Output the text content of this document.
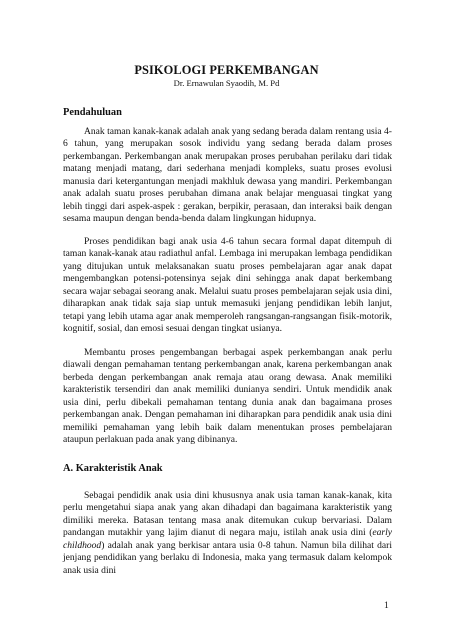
PSIKOLOGI PERKEMBANGAN
Dr. Ernawulan Syaodih, M. Pd
Pendahuluan

Anak taman kanak-kanak adalah anak yang sedang berada dalam rentang usia 4-6 tahun, yang merupakan sosok individu yang sedang berada dalam proses perkembangan. Perkembangan anak merupakan proses perubahan perilaku dari tidak matang menjadi matang, dari sederhana menjadi kompleks, suatu proses evolusi manusia dari ketergantungan menjadi makhluk dewasa yang mandiri. Perkembangan anak adalah suatu proses perubahan dimana anak belajar menguasai tingkat yang lebih tinggi dari aspek-aspek : gerakan, berpikir, perasaan, dan interaksi baik dengan sesama maupun dengan benda-benda dalam lingkungan hidupnya.

Proses pendidikan bagi anak usia 4-6 tahun secara formal dapat ditempuh di taman kanak-kanak atau radiathul anfal. Lembaga ini merupakan lembaga pendidikan yang ditujukan untuk melaksanakan suatu proses pembelajaran agar anak dapat mengembangkan potensi-potensinya sejak dini sehingga anak dapat berkembang secara wajar sebagai seorang anak. Melalui suatu proses pembelajaran sejak usia dini, diharapkan anak tidak saja siap untuk memasuki jenjang pendidikan lebih lanjut, tetapi yang lebih utama agar anak memperoleh rangsangan-rangsangan fisik-motorik, kognitif, sosial, dan emosi sesuai dengan tingkat usianya.

Membantu proses pengembangan berbagai aspek perkembangan anak perlu diawali dengan pemahaman tentang perkembangan anak, karena perkembangan anak berbeda dengan perkembangan anak remaja atau orang dewasa. Anak memiliki karakteristik tersendiri dan anak memiliki dunianya sendiri. Untuk mendidik anak usia dini, perlu dibekali pemahaman tentang dunia anak dan bagaimana proses perkembangan anak. Dengan pemahaman ini diharapkan para pendidik anak usia dini memiliki pemahaman yang lebih baik dalam menentukan proses pembelajaran ataupun perlakuan pada anak yang dibinanya.

A. Karakteristik Anak

Sebagai pendidik anak usia dini khususnya anak usia taman kanak-kanak, kita perlu mengetahui siapa anak yang akan dihadapi dan bagaimana karakteristik yang dimiliki mereka. Batasan tentang masa anak ditemukan cukup bervariasi. Dalam pandangan mutakhir yang lajim dianut di negara maju, istilah anak usia dini (early childhood) adalah anak yang berkisar antara usia 0-8 tahun. Namun bila dilihat dari jenjang pendidikan yang berlaku di Indonesia, maka yang termasuk dalam kelompok anak usia dini

1
